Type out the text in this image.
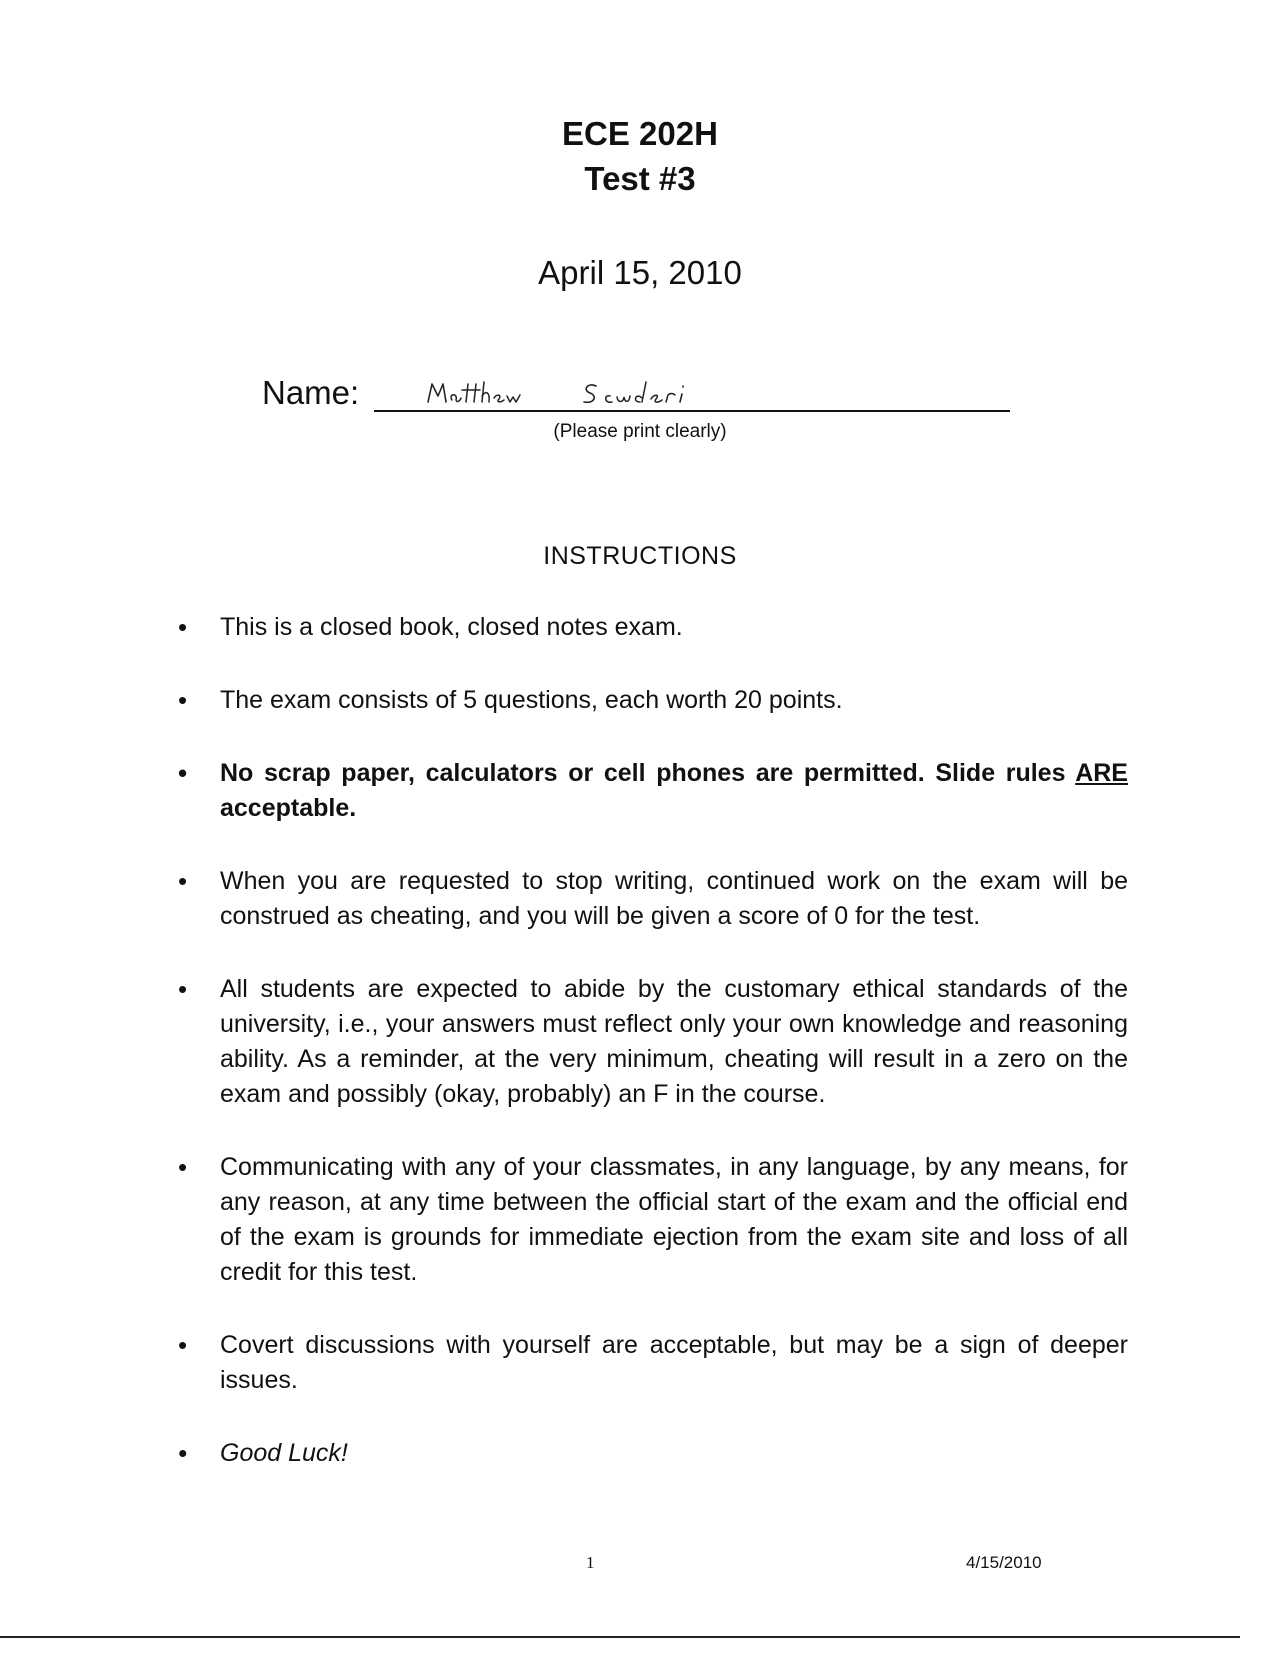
ECE 202H
Test #3
April 15, 2010
Name:
(Please print clearly)
INSTRUCTIONS
• This is a closed book, closed notes exam.
• The exam consists of 5 questions, each worth 20 points.
• No scrap paper, calculators or cell phones are permitted. Slide rules ARE acceptable.
• When you are requested to stop writing, continued work on the exam will be construed as cheating, and you will be given a score of 0 for the test.
• All students are expected to abide by the customary ethical standards of the university, i.e., your answers must reflect only your own knowledge and reasoning ability. As a reminder, at the very minimum, cheating will result in a zero on the exam and possibly (okay, probably) an F in the course.
• Communicating with any of your classmates, in any language, by any means, for any reason, at any time between the official start of the exam and the official end of the exam is grounds for immediate ejection from the exam site and loss of all credit for this test.
• Covert discussions with yourself are acceptable, but may be a sign of deeper issues.
• Good Luck!
1	4/15/2010
